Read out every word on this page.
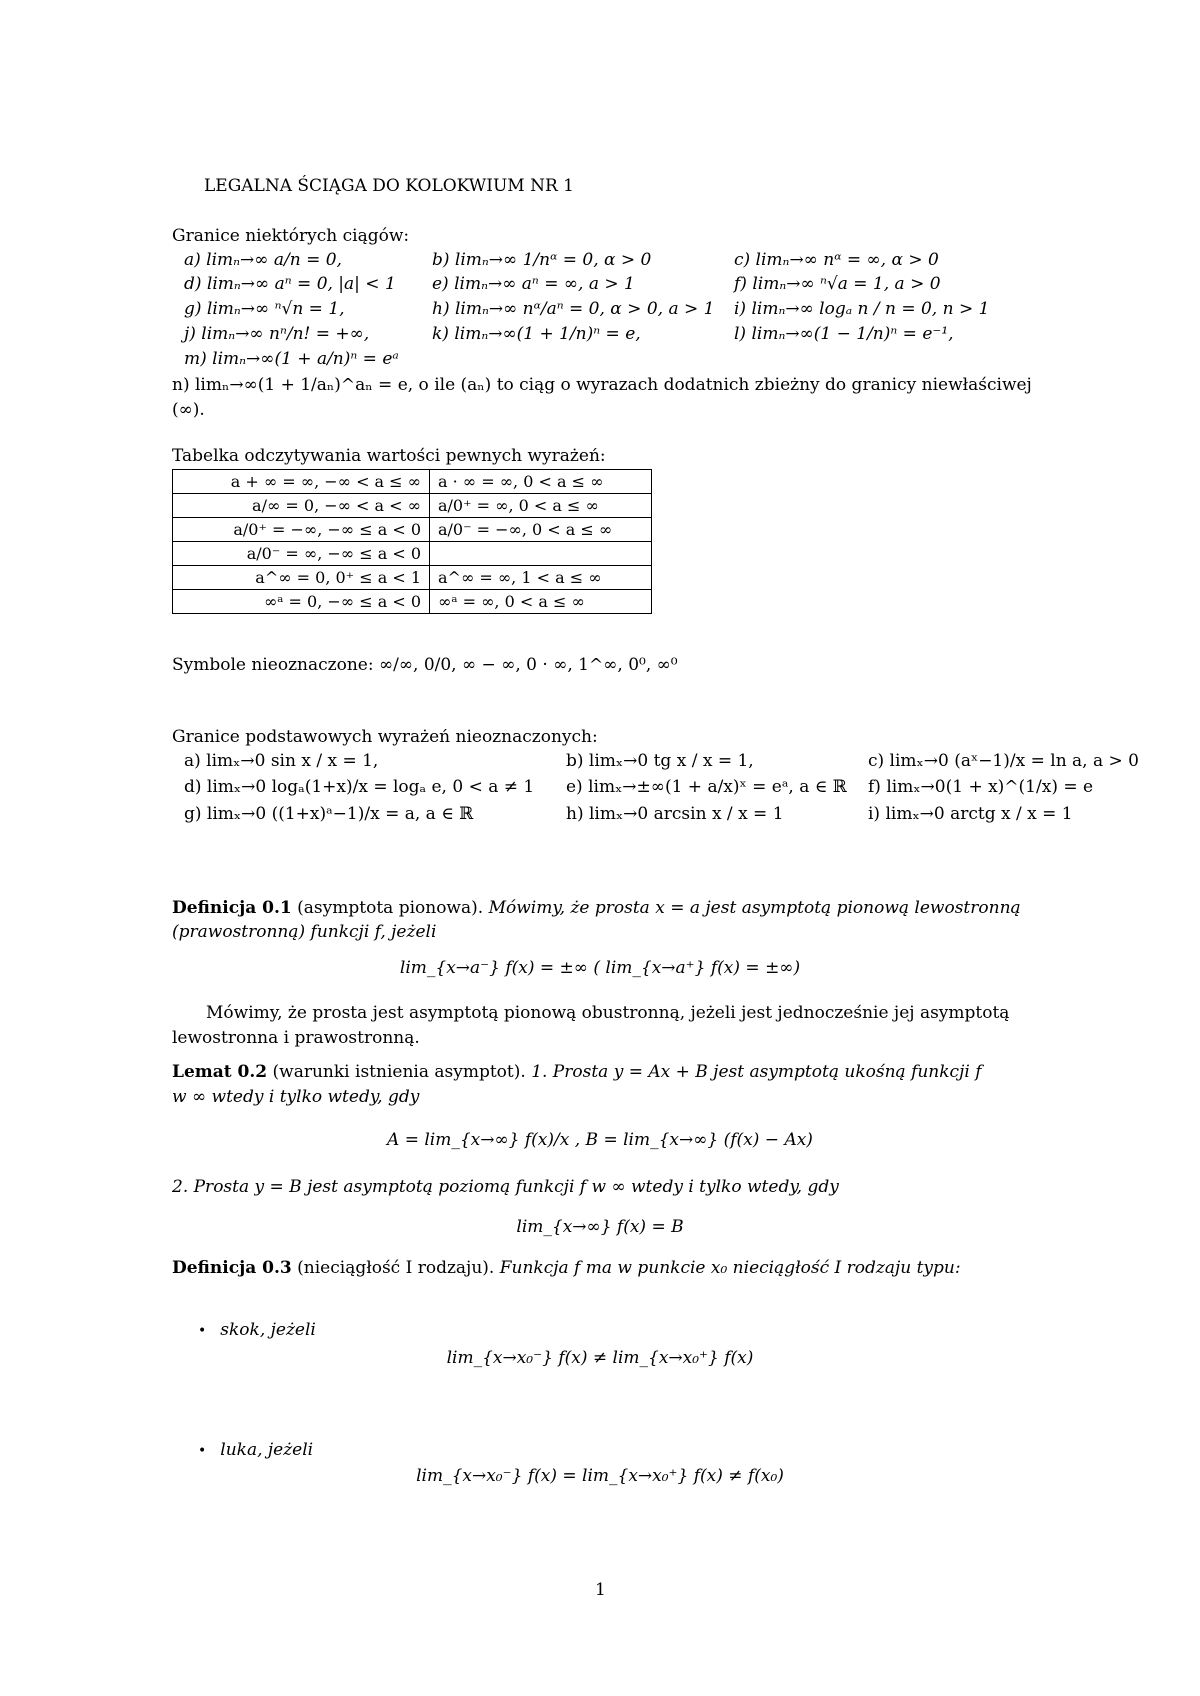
LEGALNA ŚCIĄGA DO KOLOKWIUM NR 1
Granice niektórych ciągów:
a) limₙ→∞ a/n = 0,	b) limₙ→∞ 1/nᵅ = 0, α > 0	c) limₙ→∞ nᵅ = ∞, α > 0
d) limₙ→∞ aⁿ = 0, |a| < 1 e) limₙ→∞ aⁿ = ∞, a > 1	f) limₙ→∞ ⁿ√a = 1, a > 0
g) limₙ→∞ ⁿ√n = 1,	h) limₙ→∞ nᵅ/aⁿ = 0, α > 0, a > 1 i) limₙ→∞ logₐ n / n = 0, n > 1
j) limₙ→∞ nⁿ/n! = +∞,	k) limₙ→∞(1 + 1/n)ⁿ = e,	l) limₙ→∞(1 − 1/n)ⁿ = e⁻¹,
m) limₙ→∞(1 + a/n)ⁿ = eᵃ
n) limₙ→∞(1 + 1/aₙ)^aₙ = e, o ile (aₙ) to ciąg o wyrazach dodatnich zbieżny do granicy niewłaściwej
(∞).
Tabelka odczytywania wartości pewnych wyrażeń:
a + ∞ = ∞, −∞ < a ≤ ∞	a · ∞ = ∞, 0 < a ≤ ∞
a/∞ = 0, −∞ < a < ∞	a/0⁺ = ∞, 0 < a ≤ ∞
a/0⁺ = −∞, −∞ ≤ a < 0	a/0⁻ = −∞, 0 < a ≤ ∞
a/0⁻ = ∞, −∞ ≤ a < 0	
a^∞ = 0, 0⁺ ≤ a < 1	a^∞ = ∞, 1 < a ≤ ∞
∞ᵃ = 0, −∞ ≤ a < 0	∞ᵃ = ∞, 0 < a ≤ ∞
Symbole nieoznaczone: ∞/∞, 0/0, ∞ − ∞, 0 · ∞, 1^∞, 0⁰, ∞⁰
Granice podstawowych wyrażeń nieoznaczonych:
a) limₓ→0 sin x / x = 1,	b) limₓ→0 tg x / x = 1,	c) limₓ→0 (aˣ−1)/x = ln a, a > 0
d) limₓ→0 logₐ(1+x)/x = logₐ e, 0 < a ≠ 1 e) limₓ→±∞(1 + a/x)ˣ = eᵃ, a ∈ ℝ f) limₓ→0(1 + x)^(1/x) = e
g) limₓ→0 ((1+x)ᵃ−1)/x = a, a ∈ ℝ	h) limₓ→0 arcsin x / x = 1	i) limₓ→0 arctg x / x = 1
Definicja 0.1 (asymptota pionowa). Mówimy, że prosta x = a jest asymptotą pionową lewostronną
(prawostronną) funkcji f, jeżeli
lim_{x→a⁻} f(x) = ±∞ ( lim_{x→a⁺} f(x) = ±∞)
Mówimy, że prosta jest asymptotą pionową obustronną, jeżeli jest jednocześnie jej asymptotą
lewostronna i prawostronną.
Lemat 0.2 (warunki istnienia asymptot). 1. Prosta y = Ax + B jest asymptotą ukośną funkcji f
w ∞ wtedy i tylko wtedy, gdy
A = lim_{x→∞} f(x)/x , B = lim_{x→∞} (f(x) − Ax)
2. Prosta y = B jest asymptotą poziomą funkcji f w ∞ wtedy i tylko wtedy, gdy
lim_{x→∞} f(x) = B
Definicja 0.3 (nieciągłość I rodzaju). Funkcja f ma w punkcie x₀ nieciągłość I rodzaju typu:
• skok, jeżeli
lim_{x→x₀⁻} f(x) ≠ lim_{x→x₀⁺} f(x)
• luka, jeżeli
lim_{x→x₀⁻} f(x) = lim_{x→x₀⁺} f(x) ≠ f(x₀)
1
